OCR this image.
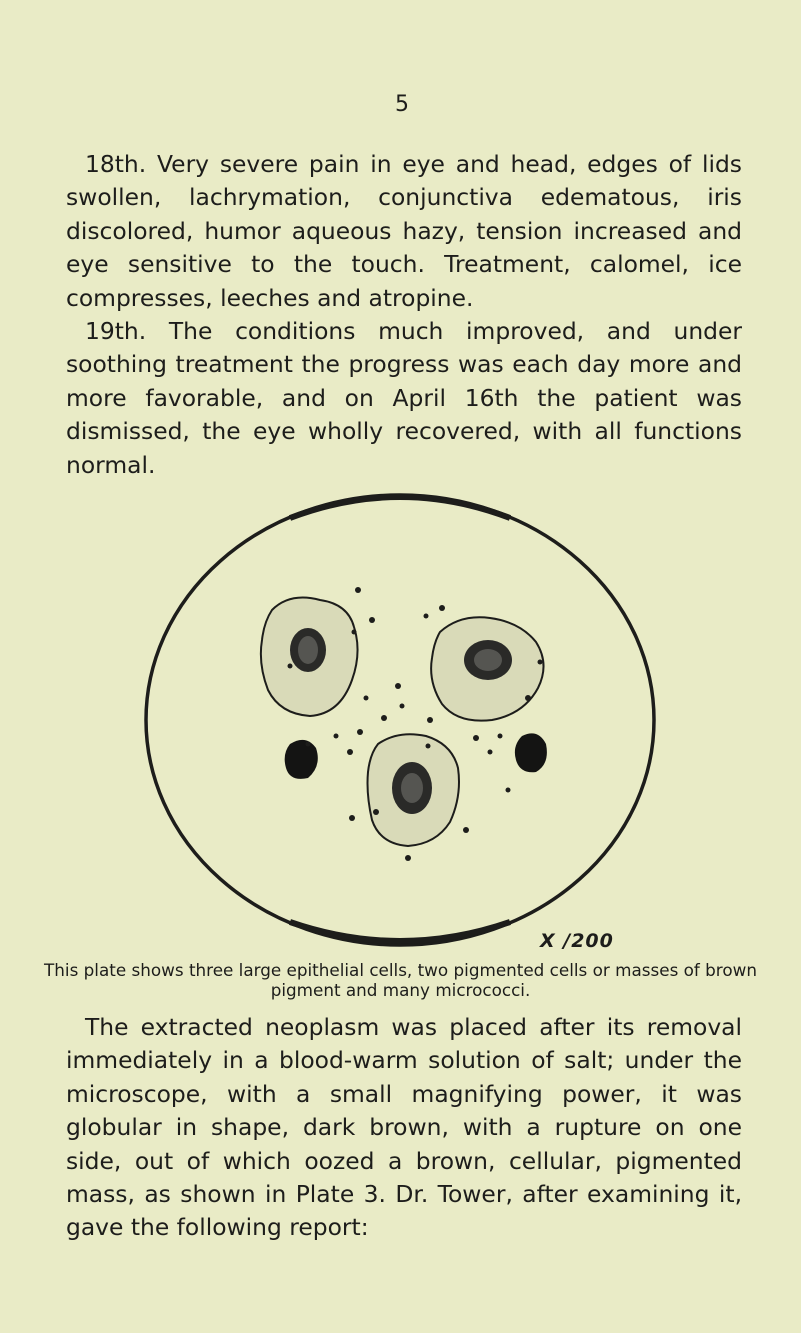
5

18th. Very severe pain in eye and head, edges of lids swollen, lachrymation, conjunctiva edematous, iris discolored, humor aqueous hazy, tension increased and eye sensitive to the touch. Treatment, calomel, ice compresses, leeches and atropine.

19th. The conditions much improved, and under soothing treatment the progress was each day more and more favorable, and on April 16th the patient was dismissed, the eye wholly recovered, with all functions normal.

X /200
This plate shows three large epithelial cells, two pigmented cells or masses of brown pigment and many micrococci.

The extracted neoplasm was placed after its removal immediately in a blood-warm solution of salt; under the microscope, with a small magnifying power, it was globular in shape, dark brown, with a rupture on one side, out of which oozed a brown, cellular, pigmented mass, as shown in Plate 3. Dr. Tower, after examining it, gave the following report:
